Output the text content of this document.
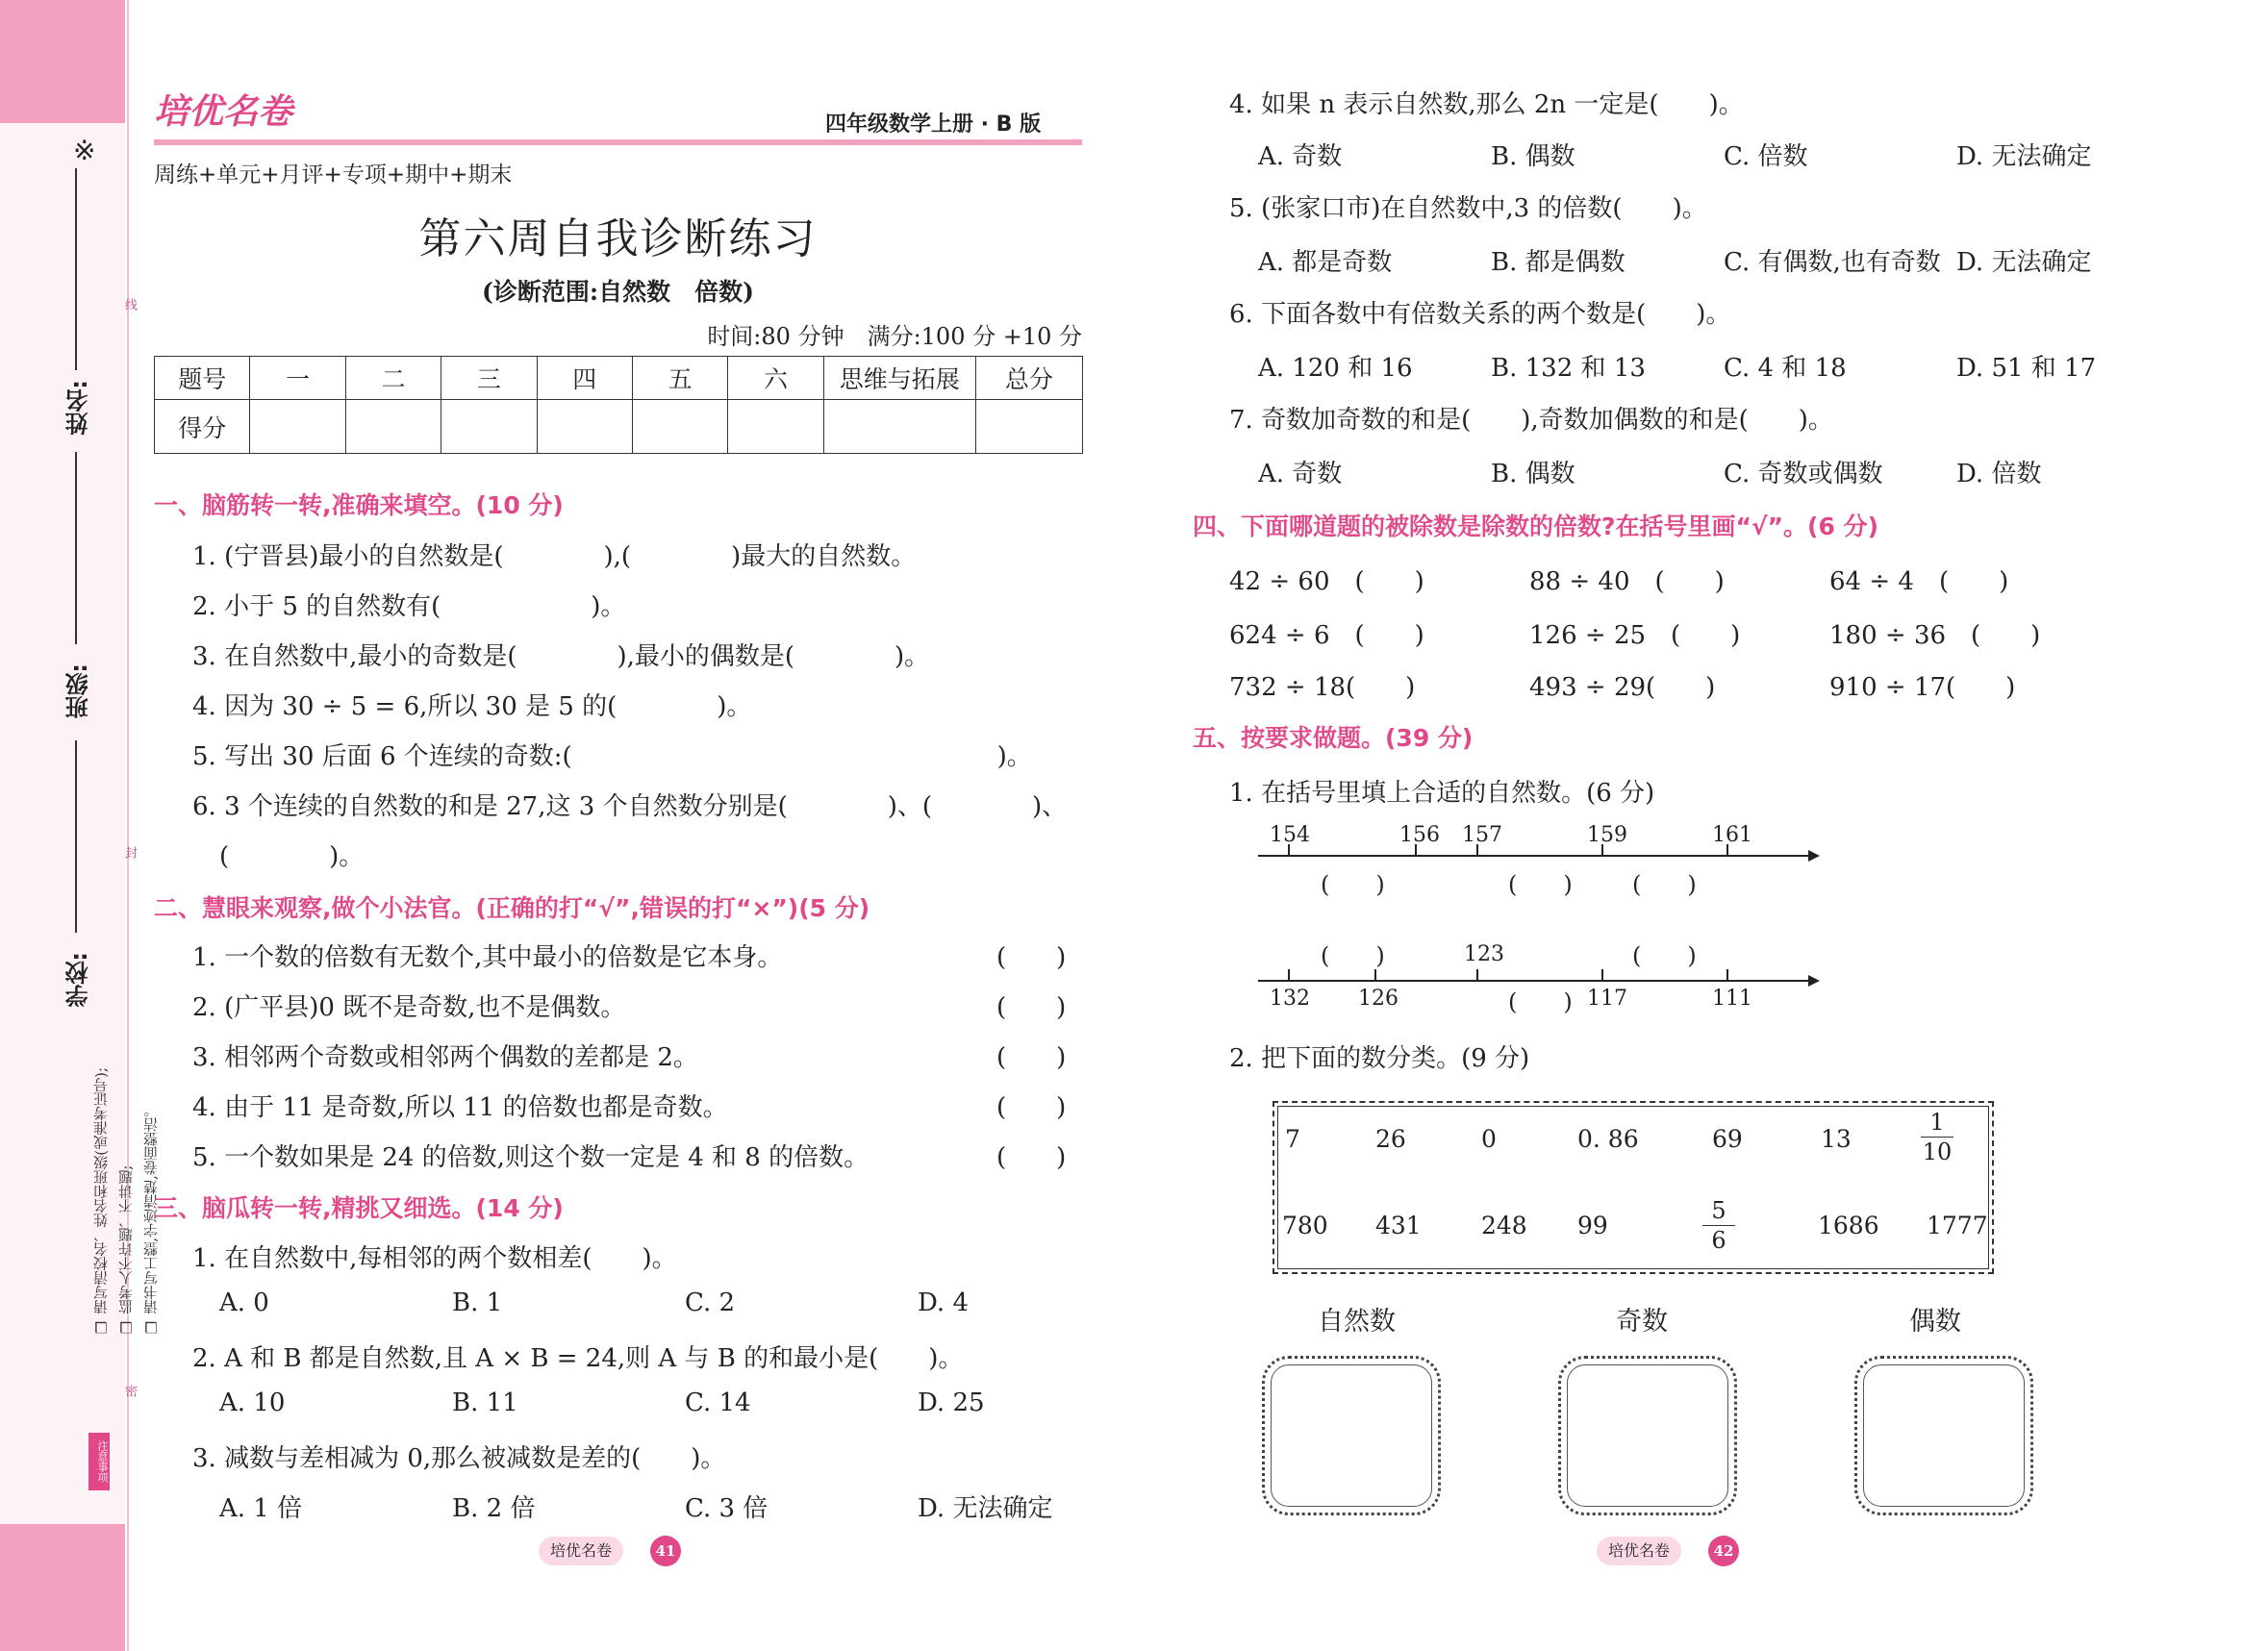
※
姓名:
班级:
学校:
线
封
密
❑ 请写清校名、姓名和班级(或准考证号); ❑ 监考人不许题、不讲题; ❑ 请书写工整,字迹清楚,卷面整洁。
注意事项
培优名卷	四年级数学上册 · B 版
周练+单元+月评+专项+期中+期末
第六周自我诊断练习
(诊断范围:自然数　倍数)
时间:80 分钟　满分:100 分 +10 分
题号	一	二	三	四	五	六	思维与拓展	总分
得分								
一、脑筋转一转,准确来填空。(10 分)
1. (宁晋县)最小的自然数是(　　　　),(　　　　)最大的自然数。
2. 小于 5 的自然数有(　　　　　　)。
3. 在自然数中,最小的奇数是(　　　　),最小的偶数是(　　　　)。
4. 因为 30 ÷ 5 = 6,所以 30 是 5 的(　　　　)。
5. 写出 30 后面 6 个连续的奇数:(　　　　　　　　　　　　　　　　　)。
6. 3 个连续的自然数的和是 27,这 3 个自然数分别是(　　　　)、(　　　　)、
(　　　　)。
二、慧眼来观察,做个小法官。(正确的打“√”,错误的打“×”)(5 分)
1. 一个数的倍数有无数个,其中最小的倍数是它本身。	(　　)
2. (广平县)0 既不是奇数,也不是偶数。	(　　)
3. 相邻两个奇数或相邻两个偶数的差都是 2。	(　　)
4. 由于 11 是奇数,所以 11 的倍数也都是奇数。	(　　)
5. 一个数如果是 24 的倍数,则这个数一定是 4 和 8 的倍数。	(　　)
三、脑瓜转一转,精挑又细选。(14 分)
1. 在自然数中,每相邻的两个数相差(　　)。
A. 0	B. 1	C. 2	D. 4
2. A 和 B 都是自然数,且 A × B = 24,则 A 与 B 的和最小是(　　)。
A. 10	B. 11	C. 14	D. 25
3. 减数与差相减为 0,那么被减数是差的(　　)。
A. 1 倍	B. 2 倍	C. 3 倍	D. 无法确定
培优名卷	41
4. 如果 n 表示自然数,那么 2n 一定是(　　)。
A. 奇数	B. 偶数	C. 倍数	D. 无法确定
5. (张家口市)在自然数中,3 的倍数(　　)。
A. 都是奇数	B. 都是偶数	C. 有偶数,也有奇数 D. 无法确定
6. 下面各数中有倍数关系的两个数是(　　)。
A. 120 和 16	B. 132 和 13	C. 4 和 18	D. 51 和 17
7. 奇数加奇数的和是(　　),奇数加偶数的和是(　　)。
A. 奇数	B. 偶数	C. 奇数或偶数	D. 倍数
四、下面哪道题的被除数是除数的倍数?在括号里画“√”。(6 分)
42 ÷ 60　(　　)	88 ÷ 40　(　　)	64 ÷ 4　(　　)
624 ÷ 6　(　　)	126 ÷ 25　(　　)	180 ÷ 36　(　　)
732 ÷ 18(　　)	493 ÷ 29(　　)	910 ÷ 17(　　)
五、按要求做题。(39 分)
1. 在括号里填上合适的自然数。(6 分)
154	156 157	159	161
(　　)	(　　)	(　　)
(　　)	123	(　　)
132 126	(　　) 117	111
2. 把下面的数分类。(9 分)
7	26	0	0. 86	69	13	$\frac{1}{10}$
780 431 248 99	$\frac{5}{6}$	1686 1777
自然数	奇数	偶数
培优名卷	42
